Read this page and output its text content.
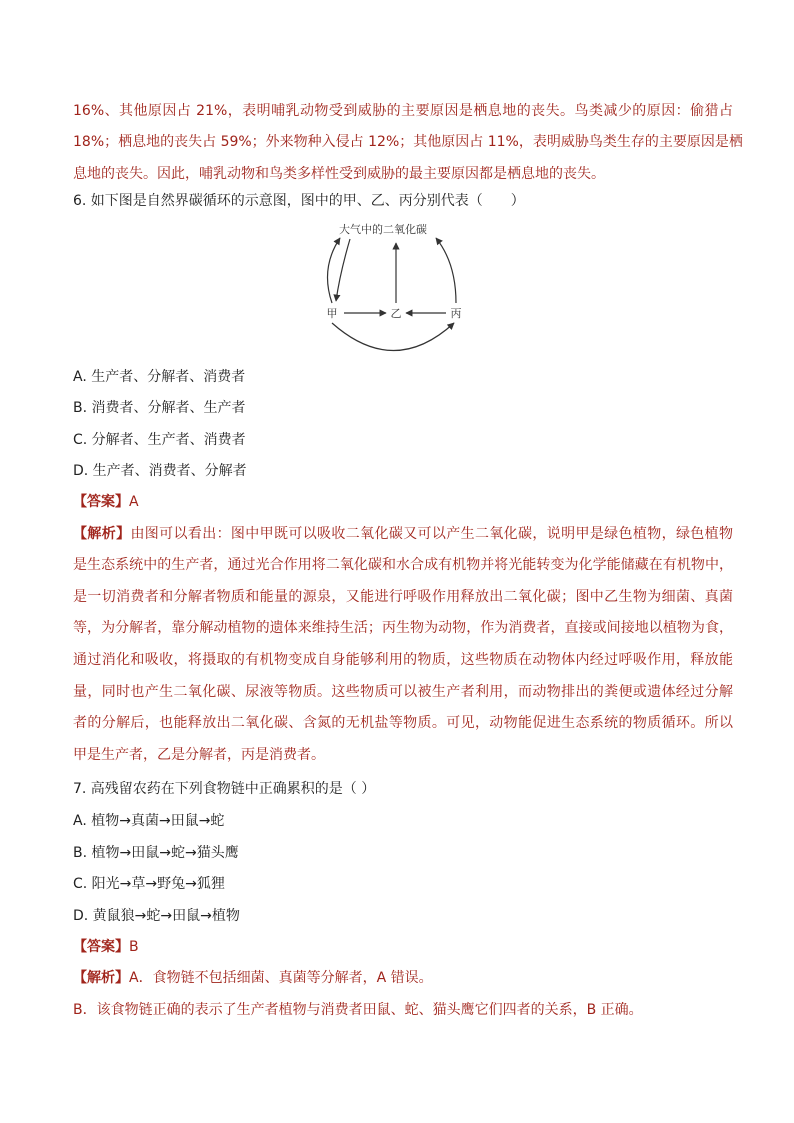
16%、其他原因占 21%，表明哺乳动物受到威胁的主要原因是栖息地的丧失。鸟类减少的原因：偷猎占
18%；栖息地的丧失占 59%；外来物种入侵占 12%；其他原因占 11%，表明威胁鸟类生存的主要原因是栖
息地的丧失。因此，哺乳动物和鸟类多样性受到威胁的最主要原因都是栖息地的丧失。
6. 如下图是自然界碳循环的示意图，图中的甲、乙、丙分别代表（　　）
大气中的二氧化碳
甲	乙	丙
A. 生产者、分解者、消费者
B. 消费者、分解者、生产者
C. 分解者、生产者、消费者
D. 生产者、消费者、分解者
【答案】A
【解析】由图可以看出：图中甲既可以吸收二氧化碳又可以产生二氧化碳，说明甲是绿色植物，绿色植物
是生态系统中的生产者，通过光合作用将二氧化碳和水合成有机物并将光能转变为化学能储藏在有机物中，
是一切消费者和分解者物质和能量的源泉，又能进行呼吸作用释放出二氧化碳；图中乙生物为细菌、真菌
等，为分解者，靠分解动植物的遗体来维持生活；丙生物为动物，作为消费者，直接或间接地以植物为食，
通过消化和吸收，将摄取的有机物变成自身能够利用的物质，这些物质在动物体内经过呼吸作用，释放能
量，同时也产生二氧化碳、尿液等物质。这些物质可以被生产者利用，而动物排出的粪便或遗体经过分解
者的分解后，也能释放出二氧化碳、含氮的无机盐等物质。可见，动物能促进生态系统的物质循环。所以
甲是生产者，乙是分解者，丙是消费者。
7. 高残留农药在下列食物链中正确累积的是（ ）
A. 植物→真菌→田鼠→蛇
B. 植物→田鼠→蛇→猫头鹰
C. 阳光→草→野兔→狐狸
D. 黄鼠狼→蛇→田鼠→植物
【答案】B
【解析】A．食物链不包括细菌、真菌等分解者，A 错误。
B．该食物链正确的表示了生产者植物与消费者田鼠、蛇、猫头鹰它们四者的关系，B 正确。
